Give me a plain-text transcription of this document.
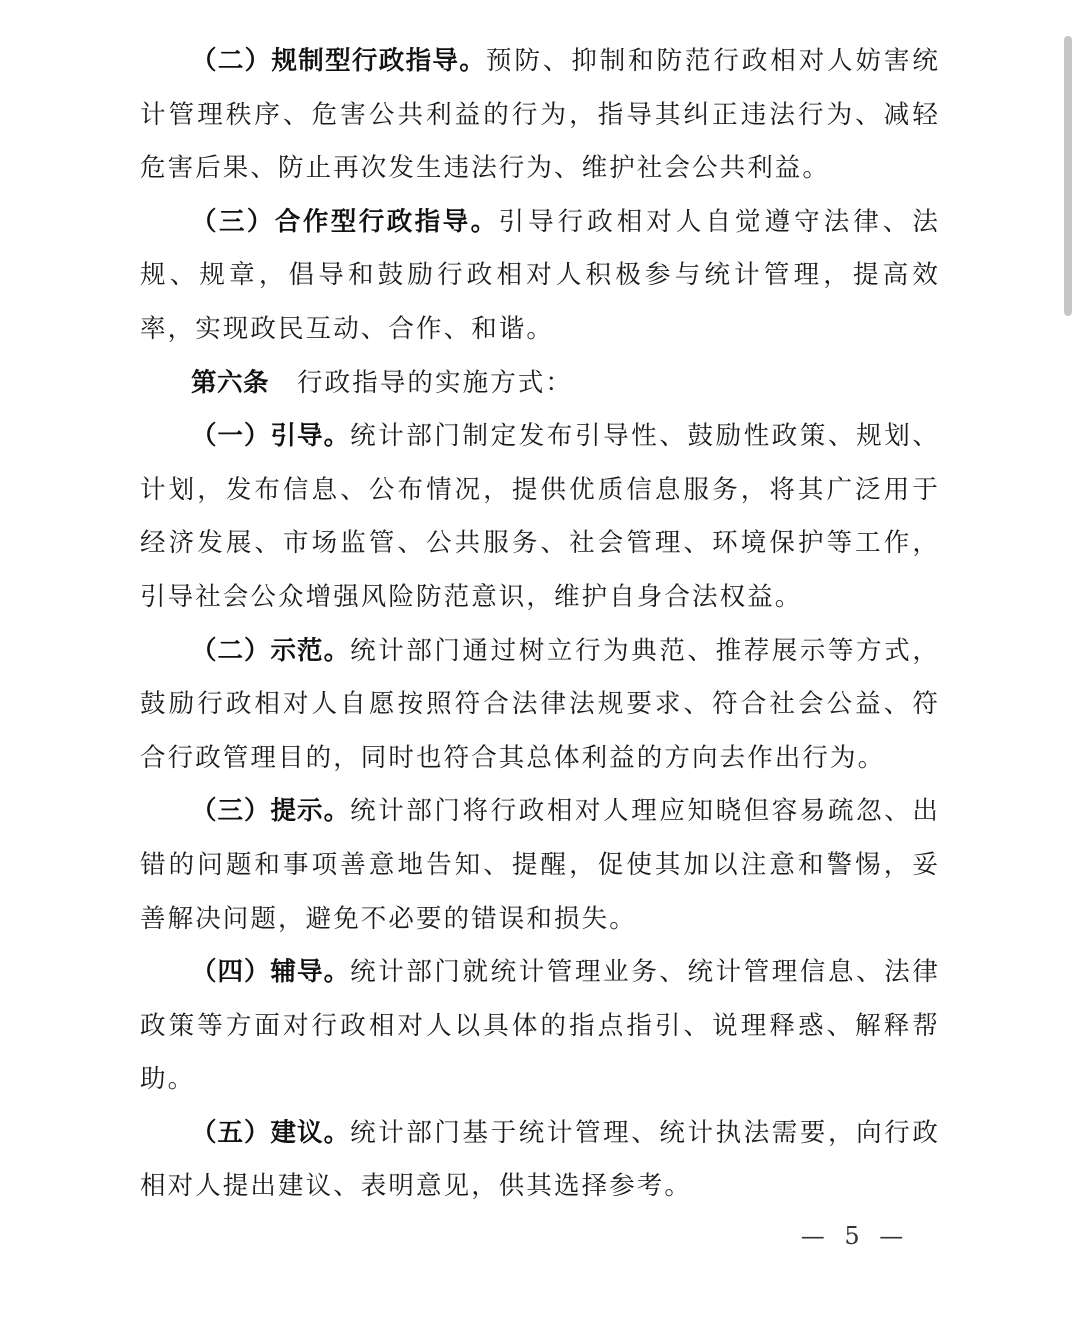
（二）规制型行政指导。预防、抑制和防范行政相对人妨害统计管理秩序、危害公共利益的行为，指导其纠正违法行为、减轻危害后果、防止再次发生违法行为、维护社会公共利益。

（三）合作型行政指导。引导行政相对人自觉遵守法律、法规、规章，倡导和鼓励行政相对人积极参与统计管理，提高效率，实现政民互动、合作、和谐。

第六条 行政指导的实施方式：

（一）引导。统计部门制定发布引导性、鼓励性政策、规划、计划，发布信息、公布情况，提供优质信息服务，将其广泛用于经济发展、市场监管、公共服务、社会管理、环境保护等工作，引导社会公众增强风险防范意识，维护自身合法权益。

（二）示范。统计部门通过树立行为典范、推荐展示等方式，鼓励行政相对人自愿按照符合法律法规要求、符合社会公益、符合行政管理目的，同时也符合其总体利益的方向去作出行为。

（三）提示。统计部门将行政相对人理应知晓但容易疏忽、出错的问题和事项善意地告知、提醒，促使其加以注意和警惕，妥善解决问题，避免不必要的错误和损失。

（四）辅导。统计部门就统计管理业务、统计管理信息、法律政策等方面对行政相对人以具体的指点指引、说理释惑、解释帮助。

（五）建议。统计部门基于统计管理、统计执法需要，向行政相对人提出建议、表明意见，供其选择参考。

— 5 —
